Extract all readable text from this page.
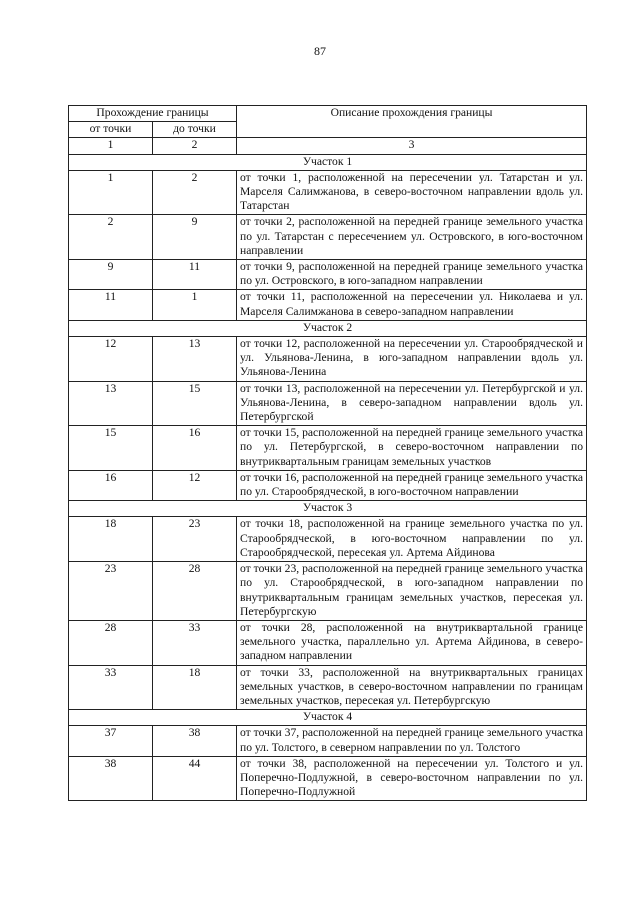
87
Прохождение границы		Описание прохождения границы
от точки	до точки	
1	2	3
Участок 1		
1	2	от точки 1, расположенной на пересечении ул. Татарстан и ул. Марселя Салимжанова, в северо-восточном направлении вдоль ул. Татарстан
2	9	от точки 2, расположенной на передней границе земельного участка по ул. Татарстан с пересечением ул. Островского, в юго-восточном направлении
9	11	от точки 9, расположенной на передней границе земельного участка по ул. Островского, в юго-западном направлении
11	1	от точки 11, расположенной на пересечении ул. Николаева и ул. Марселя Салимжанова в северо-западном направлении
Участок 2		
12	13	от точки 12, расположенной на пересечении ул. Старообрядческой и ул. Ульянова-Ленина, в юго-западном направлении вдоль ул. Ульянова-Ленина
13	15	от точки 13, расположенной на пересечении ул. Петербургской и ул. Ульянова-Ленина, в северо-западном направлении вдоль ул. Петербургской
15	16	от точки 15, расположенной на передней границе земельного участка по ул. Петербургской, в северо-восточном направлении по внутриквартальным границам земельных участков
16	12	от точки 16, расположенной на передней границе земельного участка по ул. Старообрядческой, в юго-восточном направлении
Участок 3		
18	23	от точки 18, расположенной на границе земельного участка по ул. Старообрядческой, в юго-восточном направлении по ул. Старообрядческой, пересекая ул. Артема Айдинова
23	28	от точки 23, расположенной на передней границе земельного участка по ул. Старообрядческой, в юго-западном направлении по внутриквартальным границам земельных участков, пересекая ул. Петербургскую
28	33	от точки 28, расположенной на внутриквартальной границе земельного участка, параллельно ул. Артема Айдинова, в северо-западном направлении
33	18	от точки 33, расположенной на внутриквартальных границах земельных участков, в северо-восточном направлении по границам земельных участков, пересекая ул. Петербургскую
Участок 4		
37	38	от точки 37, расположенной на передней границе земельного участка по ул. Толстого, в северном направлении по ул. Толстого
38	44	от точки 38, расположенной на пересечении ул. Толстого и ул. Поперечно-Подлужной, в северо-восточном направлении по ул. Поперечно-Подлужной
